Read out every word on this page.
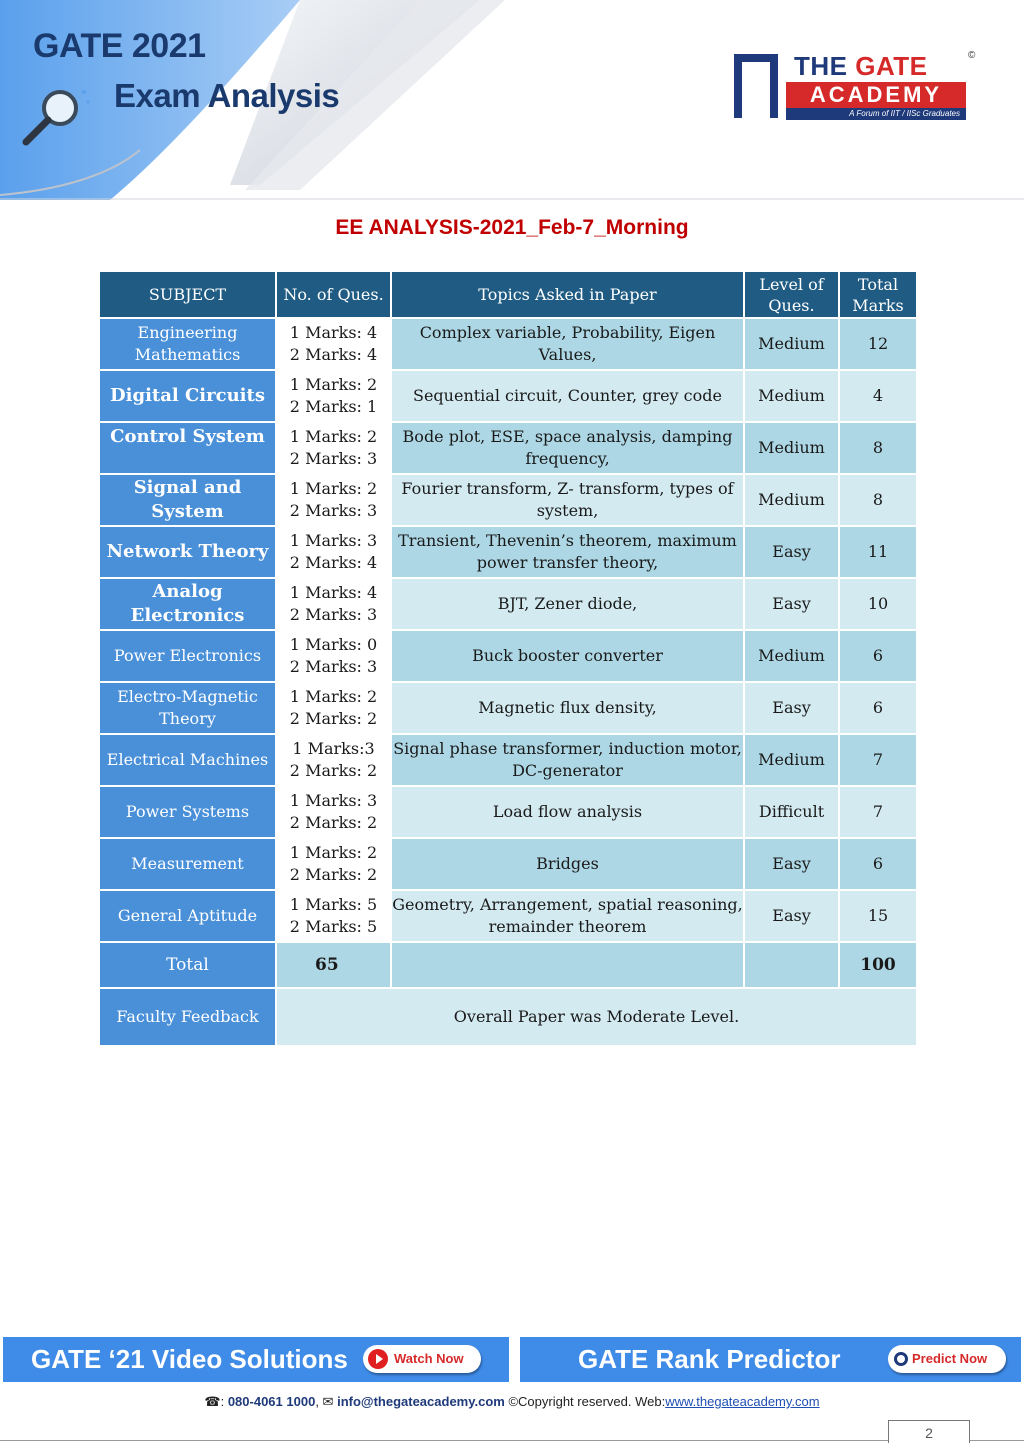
GATE 2021
Exam Analysis
THE GATE
ACADEMY
A Forum of IIT / IISc Graduates
©
EE ANALYSIS-2021_Feb-7_Morning
SUBJECT	No. of Ques.	Topics Asked in Paper	Level of
Ques.	Total
Marks
Engineering Mathematics	1 Marks: 4
2 Marks: 4	Complex variable, Probability, Eigen Values,	Medium	12
Digital Circuits	1 Marks: 2
2 Marks: 1	Sequential circuit, Counter, grey code	Medium	4
Control System	1 Marks: 2
2 Marks: 3	Bode plot, ESE, space analysis, damping frequency,	Medium	8
Signal and System	1 Marks: 2
2 Marks: 3	Fourier transform, Z- transform, types of system,	Medium	8
Network Theory	1 Marks: 3
2 Marks: 4	Transient, Thevenin’s theorem, maximum power transfer theory,	Easy	11
Analog Electronics	1 Marks: 4
2 Marks: 3	BJT, Zener diode,	Easy	10
Power Electronics	1 Marks: 0
2 Marks: 3	Buck booster converter	Medium	6
Electro-Magnetic Theory	1 Marks: 2
2 Marks: 2	Magnetic flux density,	Easy	6
Electrical Machines	1 Marks:3
2 Marks: 2	Signal phase transformer, induction motor, DC-generator	Medium	7
Power Systems	1 Marks: 3
2 Marks: 2	Load flow analysis	Difficult	7
Measurement	1 Marks: 2
2 Marks: 2	Bridges	Easy	6
General Aptitude	1 Marks: 5
2 Marks: 5	Geometry, Arrangement, spatial reasoning, remainder theorem	Easy	15
Total	65			100
Faculty Feedback	Overall Paper was Moderate Level.			
GATE ‘21 Video Solutions	Watch Now	GATE Rank Predictor	Predict Now
☎: 080-4061 1000, ✉ info@thegateacademy.com ©Copyright reserved. Web:www.thegateacademy.com
2
